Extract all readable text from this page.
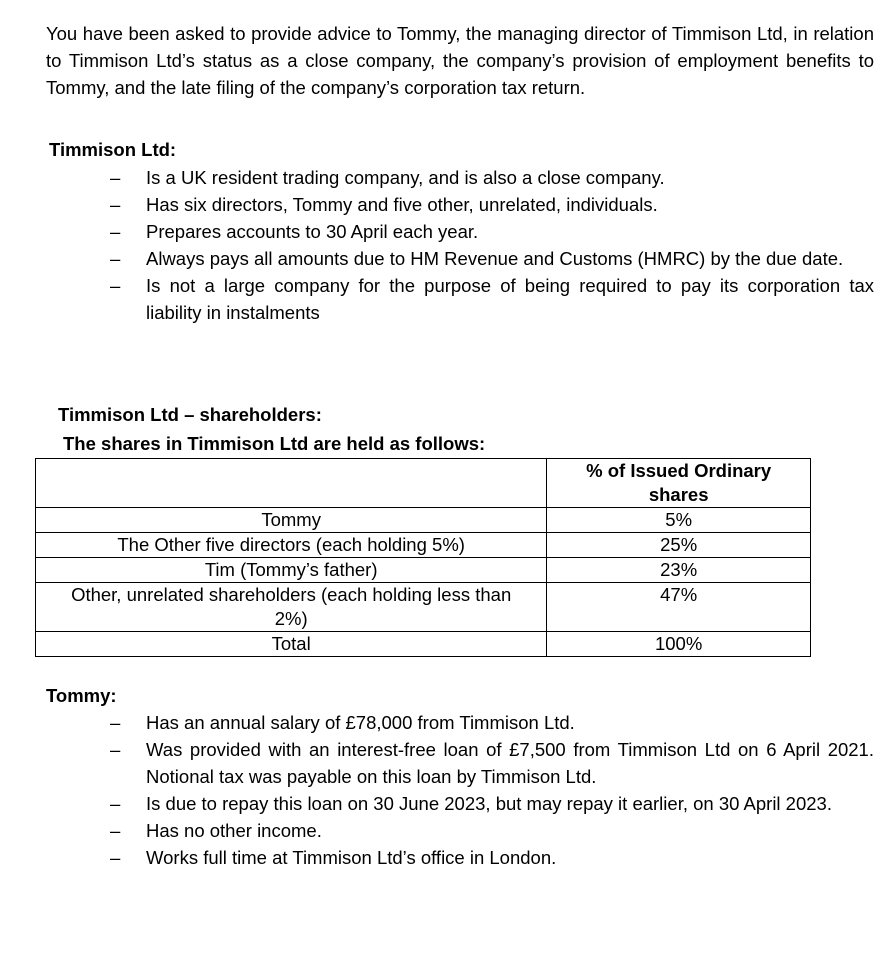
You have been asked to provide advice to Tommy, the managing director of Timmison Ltd, in relation to Timmison Ltd’s status as a close company, the company’s provision of employment benefits to Tommy, and the late filing of the company’s corporation tax return.

Timmison Ltd:
– Is a UK resident trading company, and is also a close company.
– Has six directors, Tommy and five other, unrelated, individuals.
– Prepares accounts to 30 April each year.
– Always pays all amounts due to HM Revenue and Customs (HMRC) by the due date.
– Is not a large company for the purpose of being required to pay its corporation tax liability in instalments
Timmison Ltd – shareholders:
The shares in Timmison Ltd are held as follows:
	% of Issued Ordinary shares
Tommy	5%
The Other five directors (each holding 5%)	25%
Tim (Tommy’s father)	23%
Other, unrelated shareholders (each holding less than 2%)	47%
Total	100%
Tommy:
– Has an annual salary of £78,000 from Timmison Ltd.
– Was provided with an interest-free loan of £7,500 from Timmison Ltd on 6 April 2021. Notional tax was payable on this loan by Timmison Ltd.
– Is due to repay this loan on 30 June 2023, but may repay it earlier, on 30 April 2023.
– Has no other income.
– Works full time at Timmison Ltd’s office in London.
